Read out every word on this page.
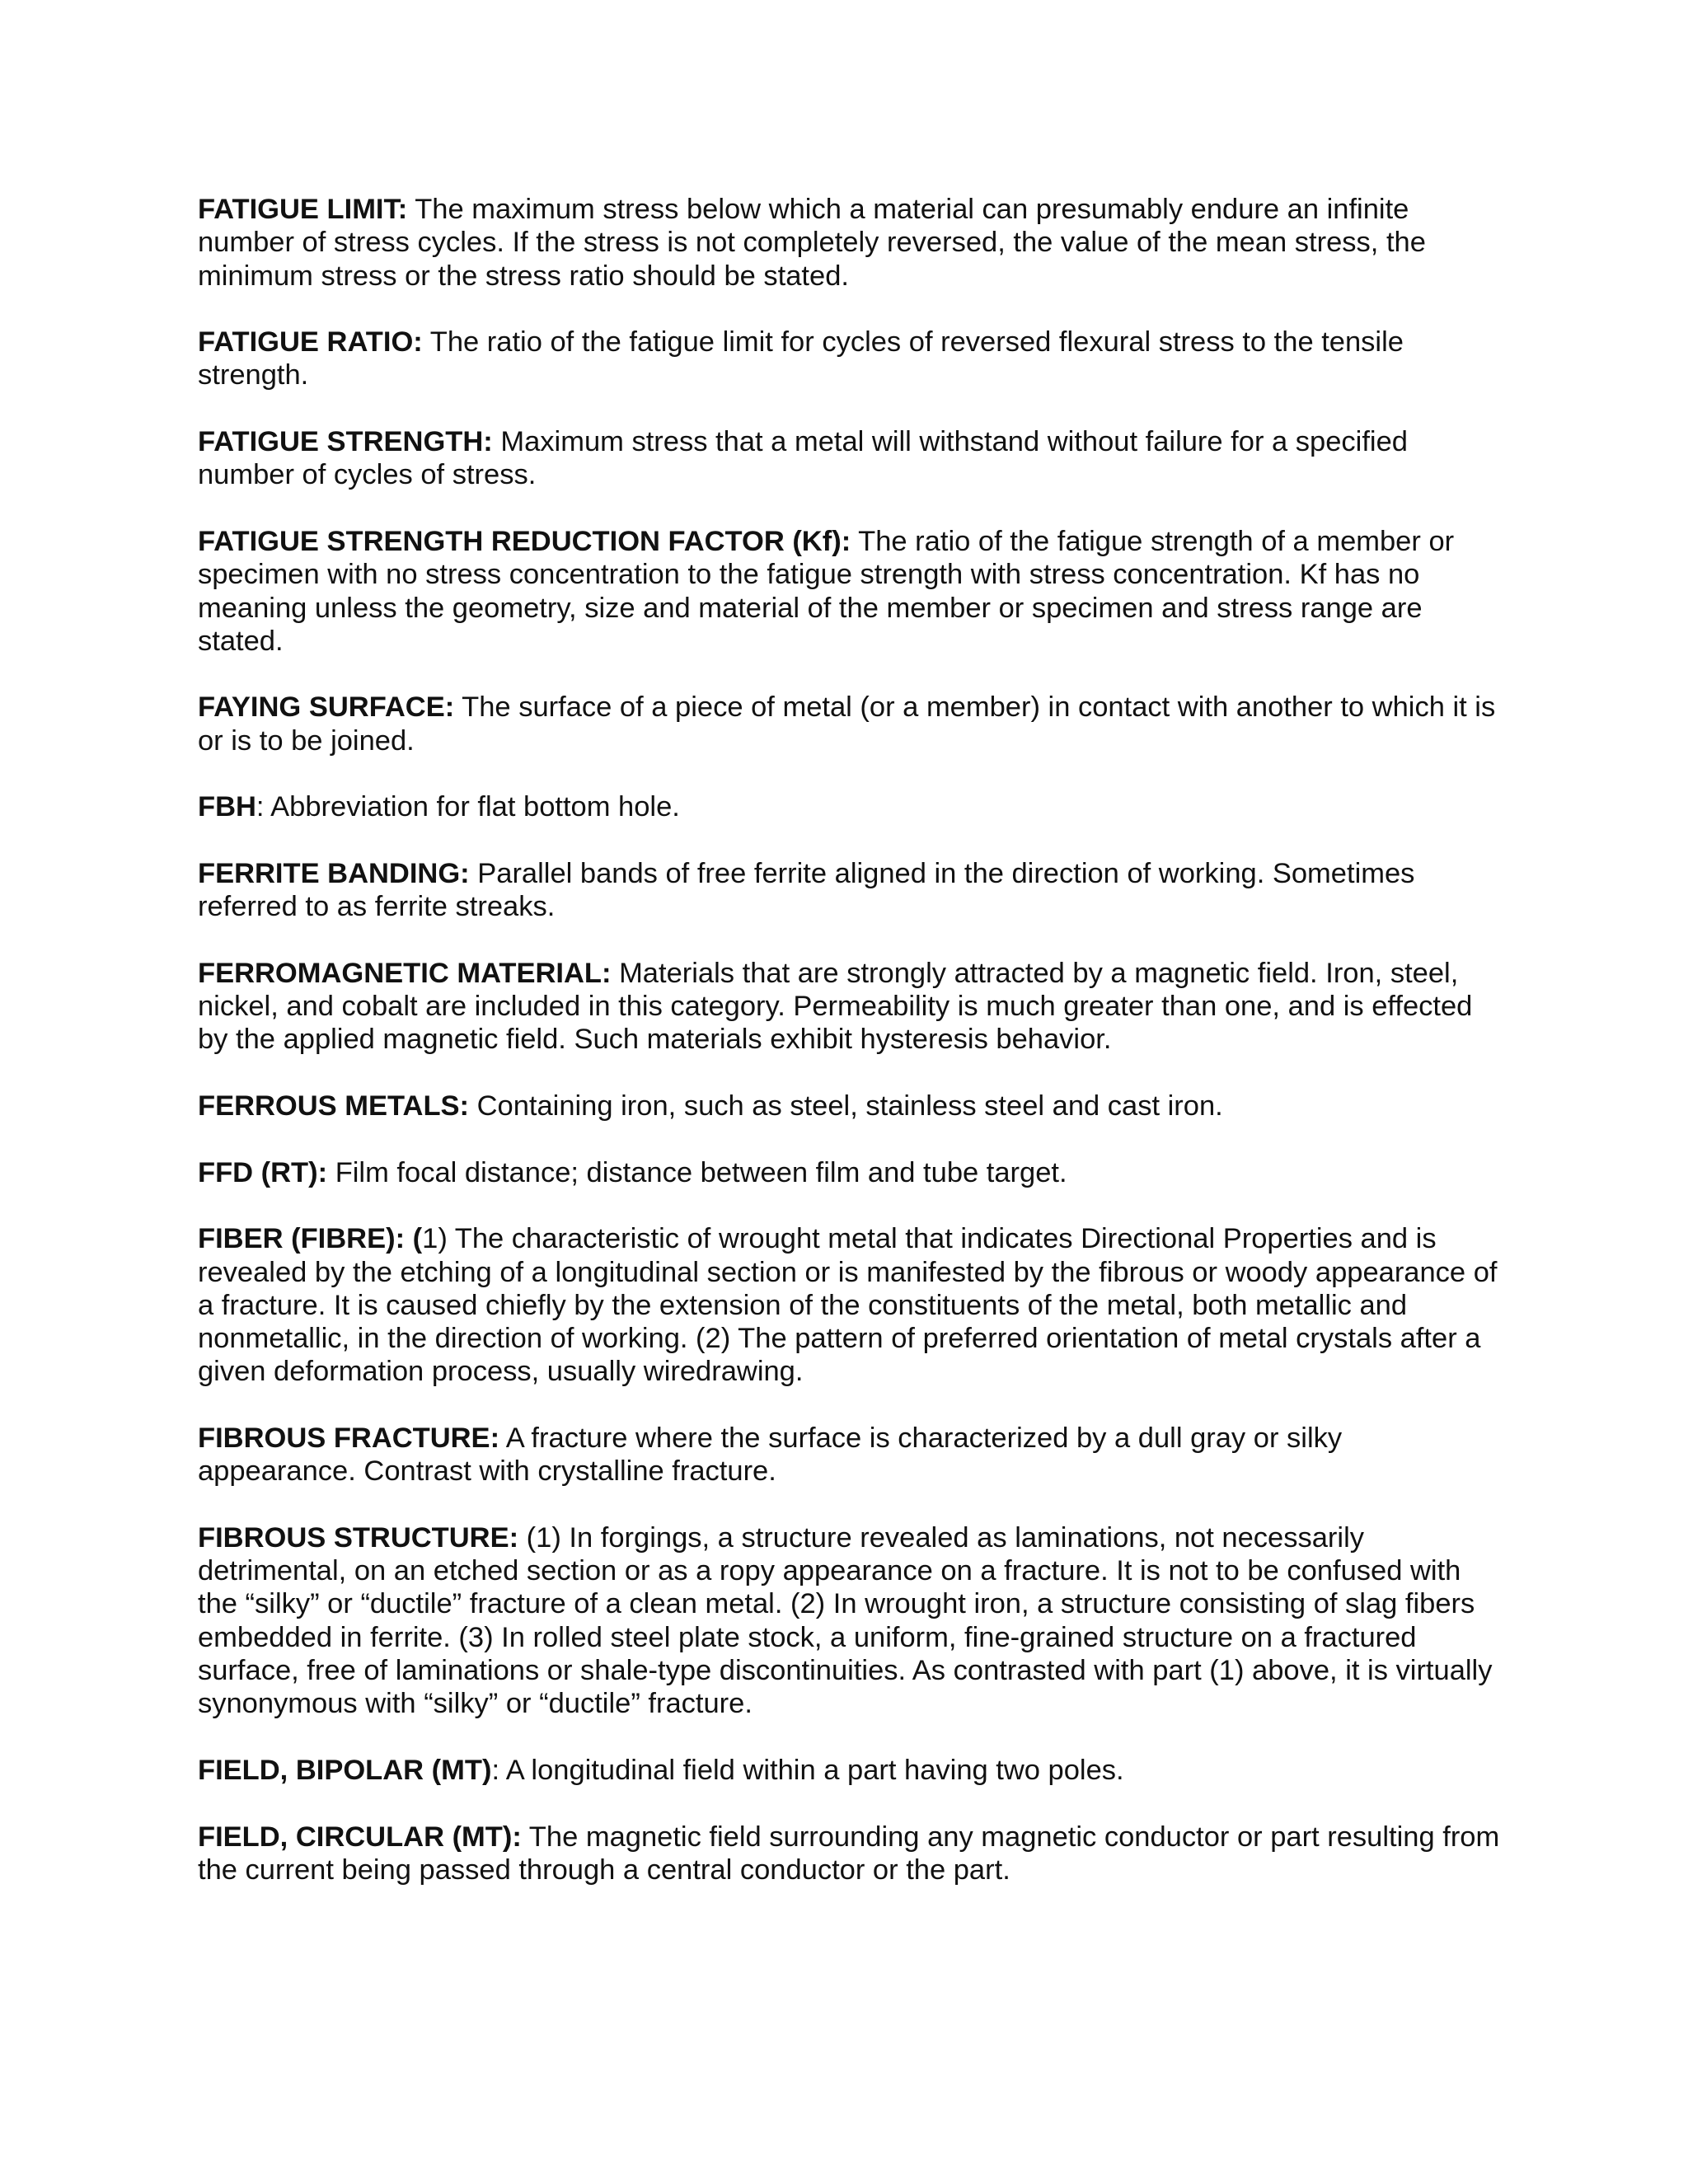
FATIGUE LIMIT: The maximum stress below which a material can presumably endure an infinite number of stress cycles. If the stress is not completely reversed, the value of the mean stress, the minimum stress or the stress ratio should be stated.

FATIGUE RATIO: The ratio of the fatigue limit for cycles of reversed flexural stress to the tensile strength.

FATIGUE STRENGTH: Maximum stress that a metal will withstand without failure for a specified number of cycles of stress.

FATIGUE STRENGTH REDUCTION FACTOR (Kf): The ratio of the fatigue strength of a member or specimen with no stress concentration to the fatigue strength with stress concentration. Kf has no meaning unless the geometry, size and material of the member or specimen and stress range are stated.

FAYING SURFACE: The surface of a piece of metal (or a member) in contact with another to which it is or is to be joined.

FBH: Abbreviation for flat bottom hole.

FERRITE BANDING: Parallel bands of free ferrite aligned in the direction of working. Sometimes referred to as ferrite streaks.

FERROMAGNETIC MATERIAL: Materials that are strongly attracted by a magnetic field. Iron, steel, nickel, and cobalt are included in this category. Permeability is much greater than one, and is effected by the applied magnetic field. Such materials exhibit hysteresis behavior.

FERROUS METALS: Containing iron, such as steel, stainless steel and cast iron.

FFD (RT): Film focal distance; distance between film and tube target.

FIBER (FIBRE): (1) The characteristic of wrought metal that indicates Directional Properties and is revealed by the etching of a longitudinal section or is manifested by the fibrous or woody appearance of a fracture. It is caused chiefly by the extension of the constituents of the metal, both metallic and nonmetallic, in the direction of working. (2) The pattern of preferred orientation of metal crystals after a given deformation process, usually wiredrawing.

FIBROUS FRACTURE: A fracture where the surface is characterized by a dull gray or silky appearance. Contrast with crystalline fracture.

FIBROUS STRUCTURE: (1) In forgings, a structure revealed as laminations, not necessarily detrimental, on an etched section or as a ropy appearance on a fracture. It is not to be confused with the “silky” or “ductile” fracture of a clean metal. (2) In wrought iron, a structure consisting of slag fibers embedded in ferrite. (3) In rolled steel plate stock, a uniform, fine-grained structure on a fractured surface, free of laminations or shale-type discontinuities. As contrasted with part (1) above, it is virtually synonymous with “silky” or “ductile” fracture.

FIELD, BIPOLAR (MT): A longitudinal field within a part having two poles.

FIELD, CIRCULAR (MT): The magnetic field surrounding any magnetic conductor or part resulting from the current being passed through a central conductor or the part.
